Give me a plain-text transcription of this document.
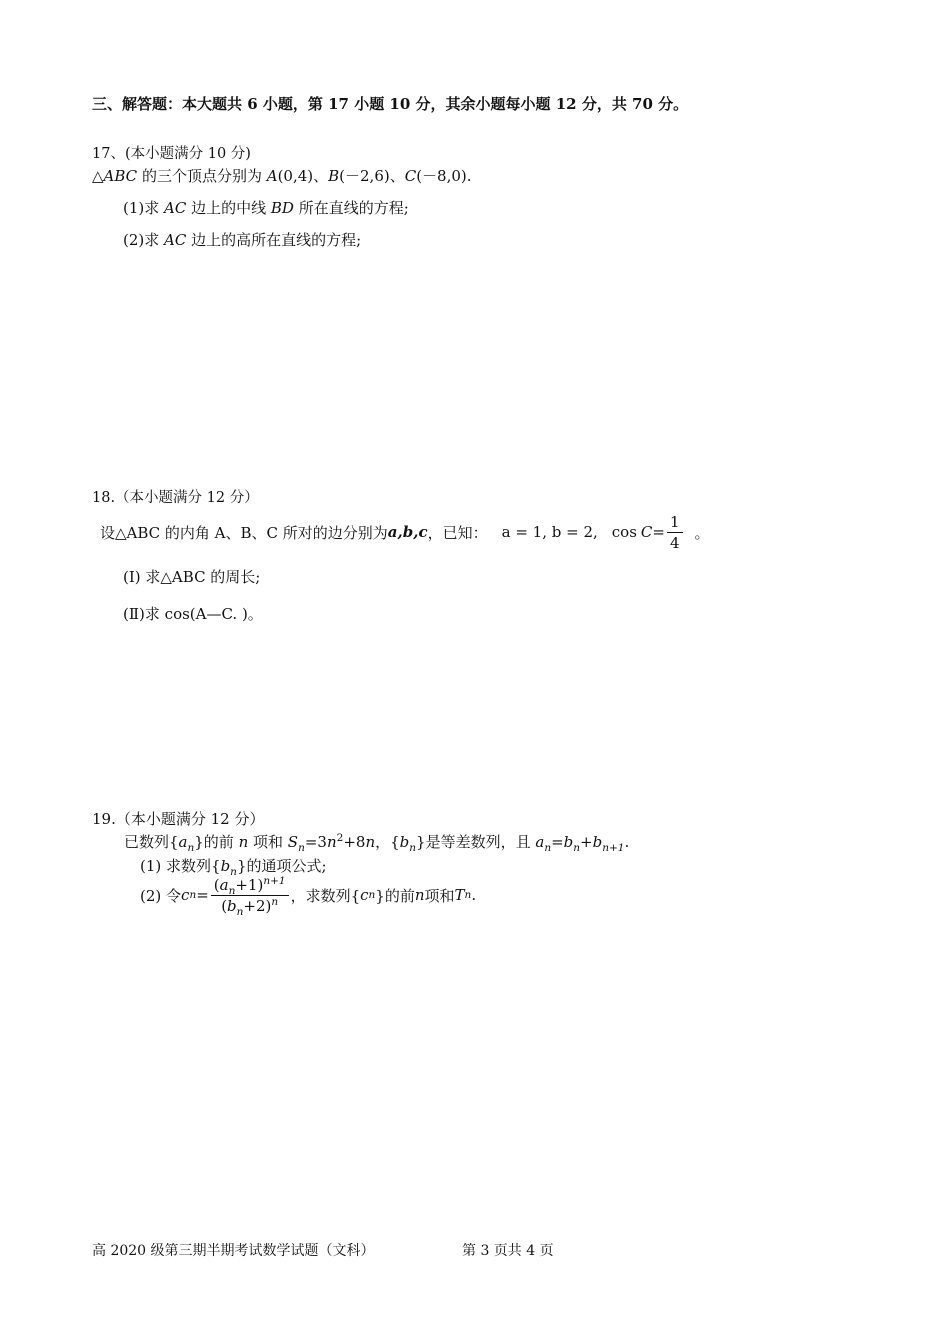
三、解答题：本大题共 6 小题，第 17 小题 10 分，其余小题每小题 12 分，共 70 分。
17、(本小题满分 10 分)
△ABC 的三个顶点分别为 A(0,4)、B(－2,6)、C(－8,0).
(1)求 AC 边上的中线 BD 所在直线的方程;
(2)求 AC 边上的高所在直线的方程;
18.（本小题满分 12 分）
设△ABC 的内角 A、B、C 所对的边分别为 a,b,c ，已知： a = 1, b = 2, $\cos C = \frac{1}{4}$ 。
(Ⅰ) 求△ABC 的周长;
(Ⅱ)求 cos(A—C. )。
19.（本小题满分 12 分）
已数列$\{a_n\}$的前 n 项和 $S_n=3n^2+8n$，$\{b_n\}$是等差数列，且 $a_n=b_n+b_{n+1}$.
(1) 求数列$\{b_n\}$的通项公式;
(2) 令 c $n = \frac{(a_n+1)^{n+1}}{(b_n+2)^n}$ ，求数列{ c n }的前 n 项和 T n .
高 2020 级第三期半期考试数学试题（文科）	第 3 页共 4 页
